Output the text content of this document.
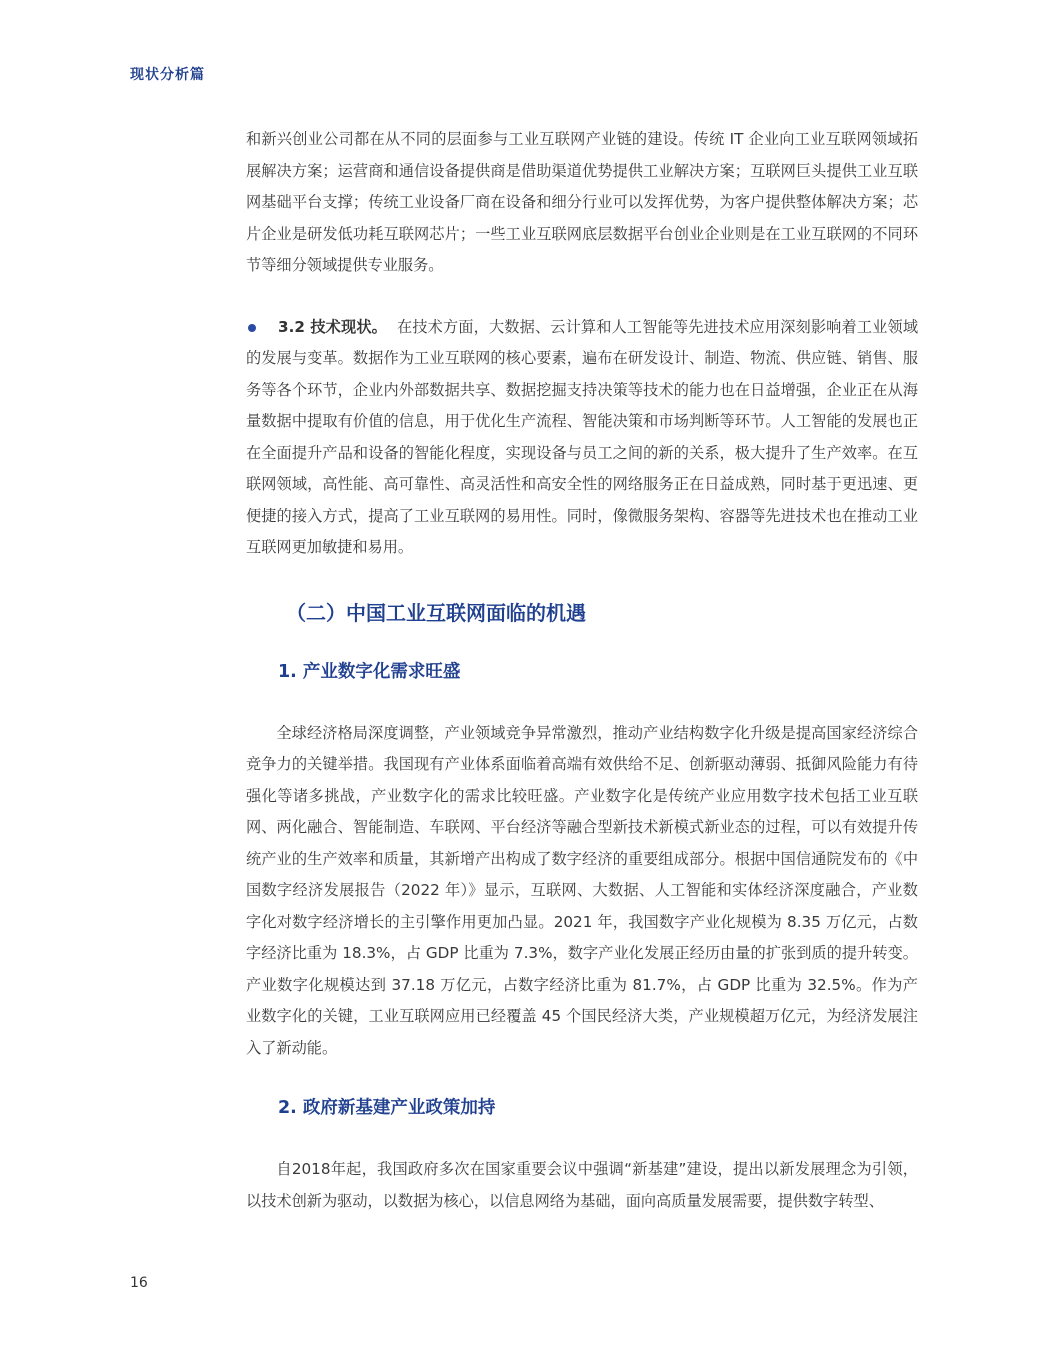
现状分析篇

和新兴创业公司都在从不同的层面参与工业互联网产业链的建设。传统 IT 企业向工业互联网领域拓展解决方案；运营商和通信设备提供商是借助渠道优势提供工业解决方案；互联网巨头提供工业互联网基础平台支撑；传统工业设备厂商在设备和细分行业可以发挥优势，为客户提供整体解决方案；芯片企业是研发低功耗互联网芯片；一些工业互联网底层数据平台创业企业则是在工业互联网的不同环节等细分领域提供专业服务。

3.2 技术现状。 在技术方面，大数据、云计算和人工智能等先进技术应用深刻影响着工业领域的发展与变革。数据作为工业互联网的核心要素，遍布在研发设计、制造、物流、供应链、销售、服务等各个环节，企业内外部数据共享、数据挖掘支持决策等技术的能力也在日益增强，企业正在从海量数据中提取有价值的信息，用于优化生产流程、智能决策和市场判断等环节。人工智能的发展也正在全面提升产品和设备的智能化程度，实现设备与员工之间的新的关系，极大提升了生产效率。在互联网领域，高性能、高可靠性、高灵活性和高安全性的网络服务正在日益成熟，同时基于更迅速、更便捷的接入方式，提高了工业互联网的易用性。同时，像微服务架构、容器等先进技术也在推动工业互联网更加敏捷和易用。

（二）中国工业互联网面临的机遇
1. 产业数字化需求旺盛

全球经济格局深度调整，产业领域竞争异常激烈，推动产业结构数字化升级是提高国家经济综合竞争力的关键举措。我国现有产业体系面临着高端有效供给不足、创新驱动薄弱、抵御风险能力有待强化等诸多挑战，产业数字化的需求比较旺盛。产业数字化是传统产业应用数字技术包括工业互联网、两化融合、智能制造、车联网、平台经济等融合型新技术新模式新业态的过程，可以有效提升传统产业的生产效率和质量，其新增产出构成了数字经济的重要组成部分。根据中国信通院发布的《中国数字经济发展报告（2022 年）》显示，互联网、大数据、人工智能和实体经济深度融合，产业数字化对数字经济增长的主引擎作用更加凸显。2021 年，我国数字产业化规模为 8.35 万亿元，占数字经济比重为 18.3%，占 GDP 比重为 7.3%，数字产业化发展正经历由量的扩张到质的提升转变。产业数字化规模达到 37.18 万亿元，占数字经济比重为 81.7%，占 GDP 比重为 32.5%。作为产业数字化的关键，工业互联网应用已经覆盖 45 个国民经济大类，产业规模超万亿元，为经济发展注入了新动能。

2. 政府新基建产业政策加持

自2018年起，我国政府多次在国家重要会议中强调“新基建”建设，提出以新发展理念为引领，以技术创新为驱动，以数据为核心，以信息网络为基础，面向高质量发展需要，提供数字转型、

16
